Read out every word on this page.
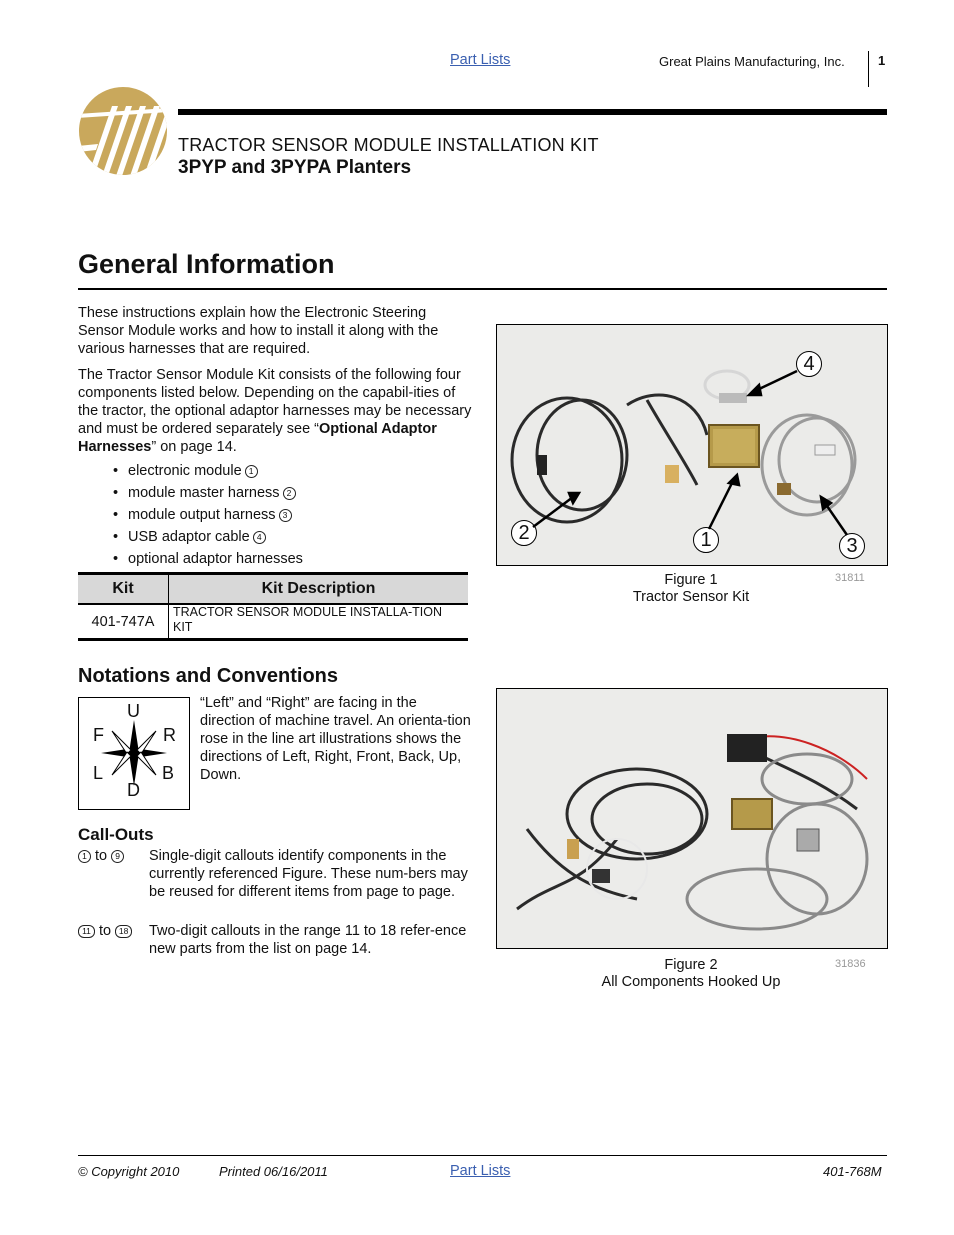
Part Lists	Great Plains Manufacturing, Inc.	1
TRACTOR SENSOR MODULE INSTALLATION KIT
3PYP and 3PYPA Planters
General Information
These instructions explain how the Electronic Steering Sensor Module works and how to install it along with the various harnesses that are required.
The Tractor Sensor Module Kit consists of the following four components listed below. Depending on the capabil-ities of the tractor, the optional adaptor harnesses may be necessary and must be ordered separately see “Optional Adaptor Harnesses” on page 14.
• electronic module 1
• module master harness 2
• module output harness 3
• USB adaptor cable 4
• optional adaptor harnesses
Kit	Kit Description
401-747A	TRACTOR SENSOR MODULE INSTALLA-TION KIT
4
2	1	3
Figure 1
Tractor Sensor Kit
31811
Notations and Conventions
U
F	R
L	B
D
“Left” and “Right” are facing in the direction of machine travel. An orienta-tion rose in the line art illustrations shows the directions of Left, Right, Front, Back, Up, Down.
Call-Outs
1 to 9 Single-digit callouts identify components in the currently referenced Figure. These num-bers may be reused for different items from page to page.
11 to 18 Two-digit callouts in the range 11 to 18 refer-ence new parts from the list on page 14.
Figure 2
All Components Hooked Up
31836
© Copyright 2010	Printed 06/16/2011	Part Lists	401-768M
